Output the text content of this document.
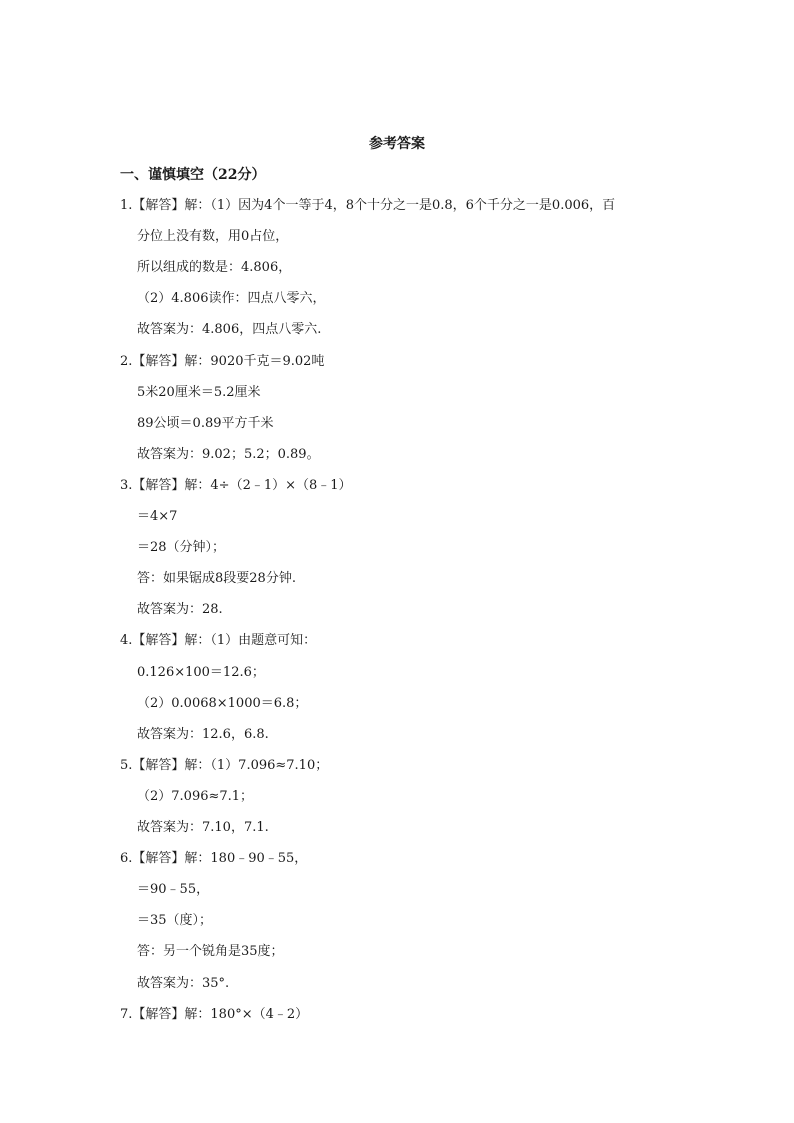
参考答案
一、谨慎填空（22分）
1.【解答】解：（1）因为4个一等于4，8个十分之一是0.8，6个千分之一是0.006，百
分位上没有数，用0占位，
所以组成的数是：4.806，
（2）4.806读作：四点八零六，
故答案为：4.806，四点八零六.
2.【解答】解：9020千克＝9.02吨
5米20厘米＝5.2厘米
89公顷＝0.89平方千米
故答案为：9.02；5.2；0.89。
3.【解答】解：4÷（2﹣1）×（8﹣1）
＝4×7
＝28（分钟）；
答：如果锯成8段要28分钟.
故答案为：28.
4.【解答】解：（1）由题意可知：
0.126×100＝12.6；
（2）0.0068×1000＝6.8；
故答案为：12.6，6.8.
5.【解答】解：（1）7.096≈7.10；
（2）7.096≈7.1；
故答案为：7.10，7.1.
6.【解答】解：180﹣90﹣55，
＝90﹣55，
＝35（度）；
答：另一个锐角是35度；
故答案为：35°.
7.【解答】解：180°×（4﹣2）
